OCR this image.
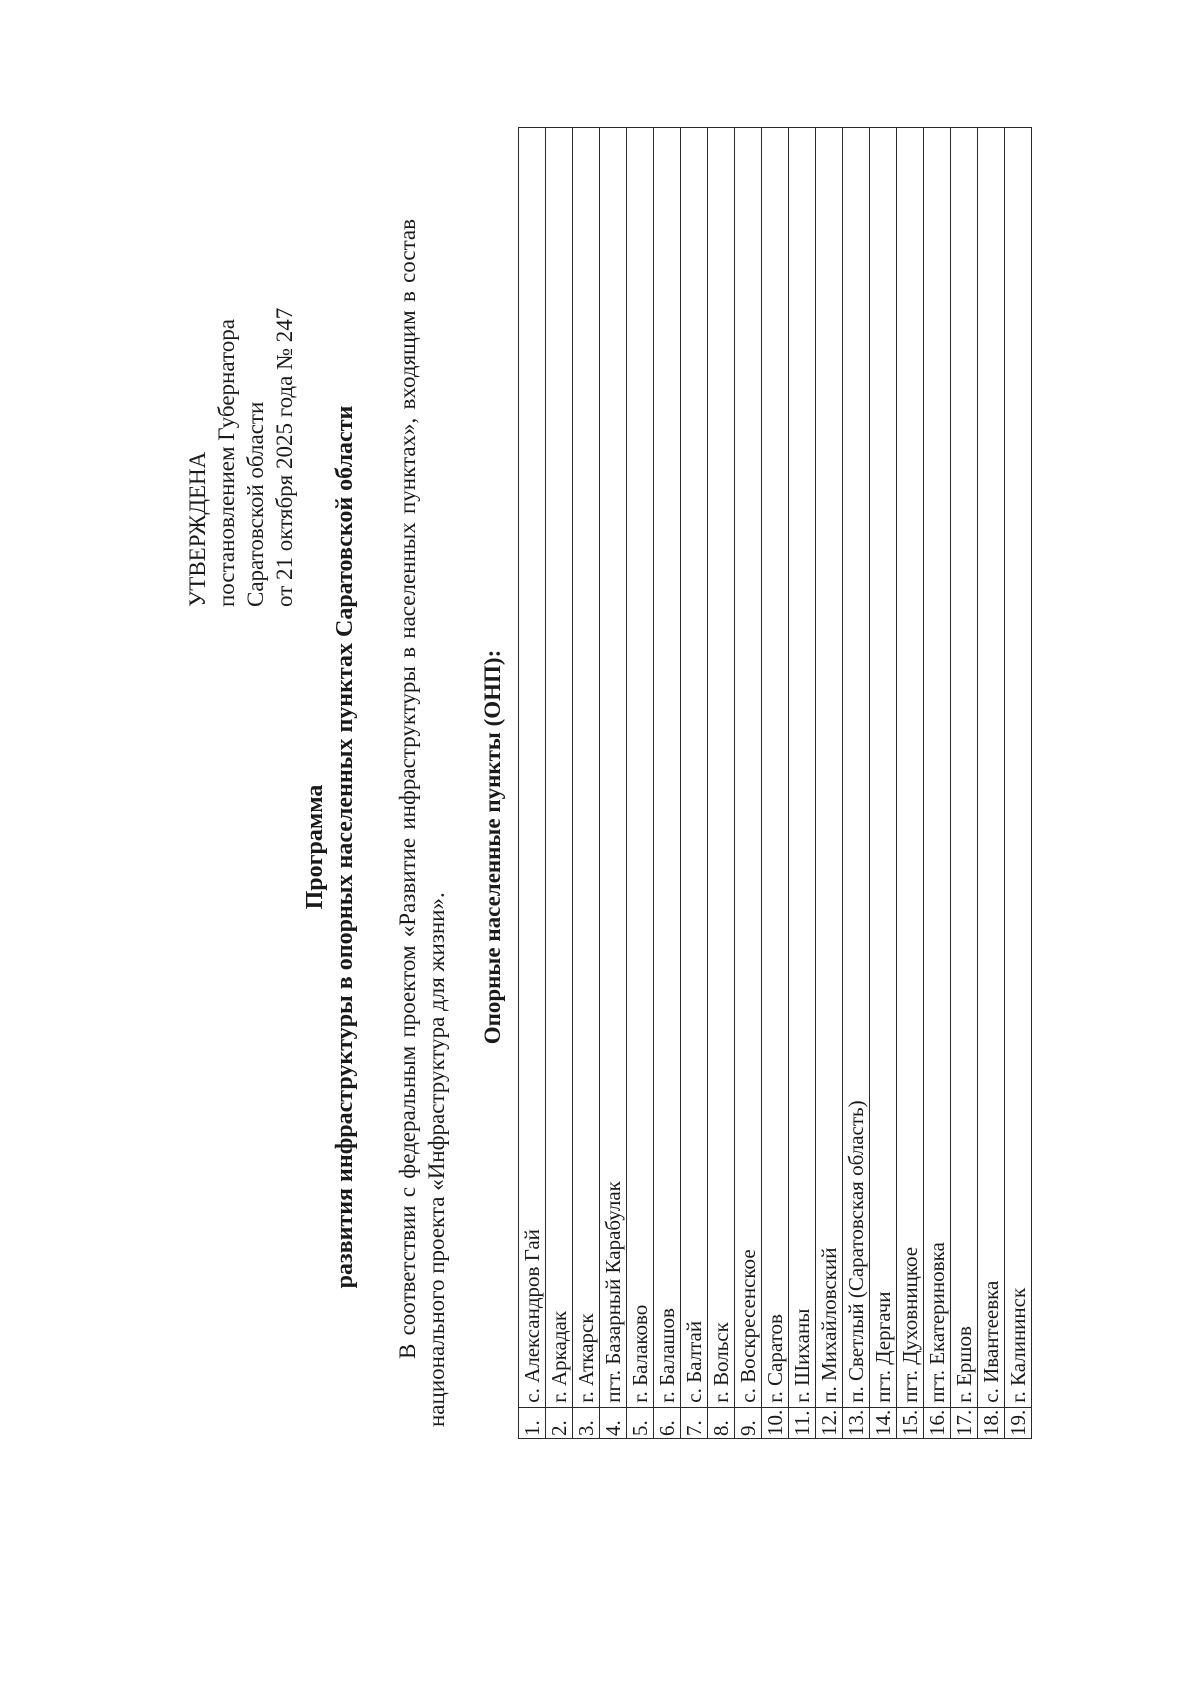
УТВЕРЖДЕНА постановлением Губернатора Саратовской области от 21 октября 2025 года № 247
Программа развития инфраструктуры в опорных населенных пунктах Саратовской области В соответствии с федеральным проектом «Развитие инфраструктуры в населенных пунктах», входящим в состав национального проекта «Инфраструктура для жизни».
Опорные населенные пункты (ОНП):
1.	с. Александров Гай
2.	г. Аркадак
3.	г. Аткарск
4.	пгт. Базарный Карабулак
5.	г. Балаково
6.	г. Балашов
7.	с. Балтай
8.	г. Вольск
9.	с. Воскресенское
10.	г. Саратов
11.	г. Шиханы
12.	п. Михайловский
13.	п. Светлый (Саратовская область)
14.	пгт. Дергачи
15.	пгт. Духовницкое
16.	пгт. Екатериновка
17.	г. Ершов
18.	с. Ивантеевка
19.	г. Калининск
